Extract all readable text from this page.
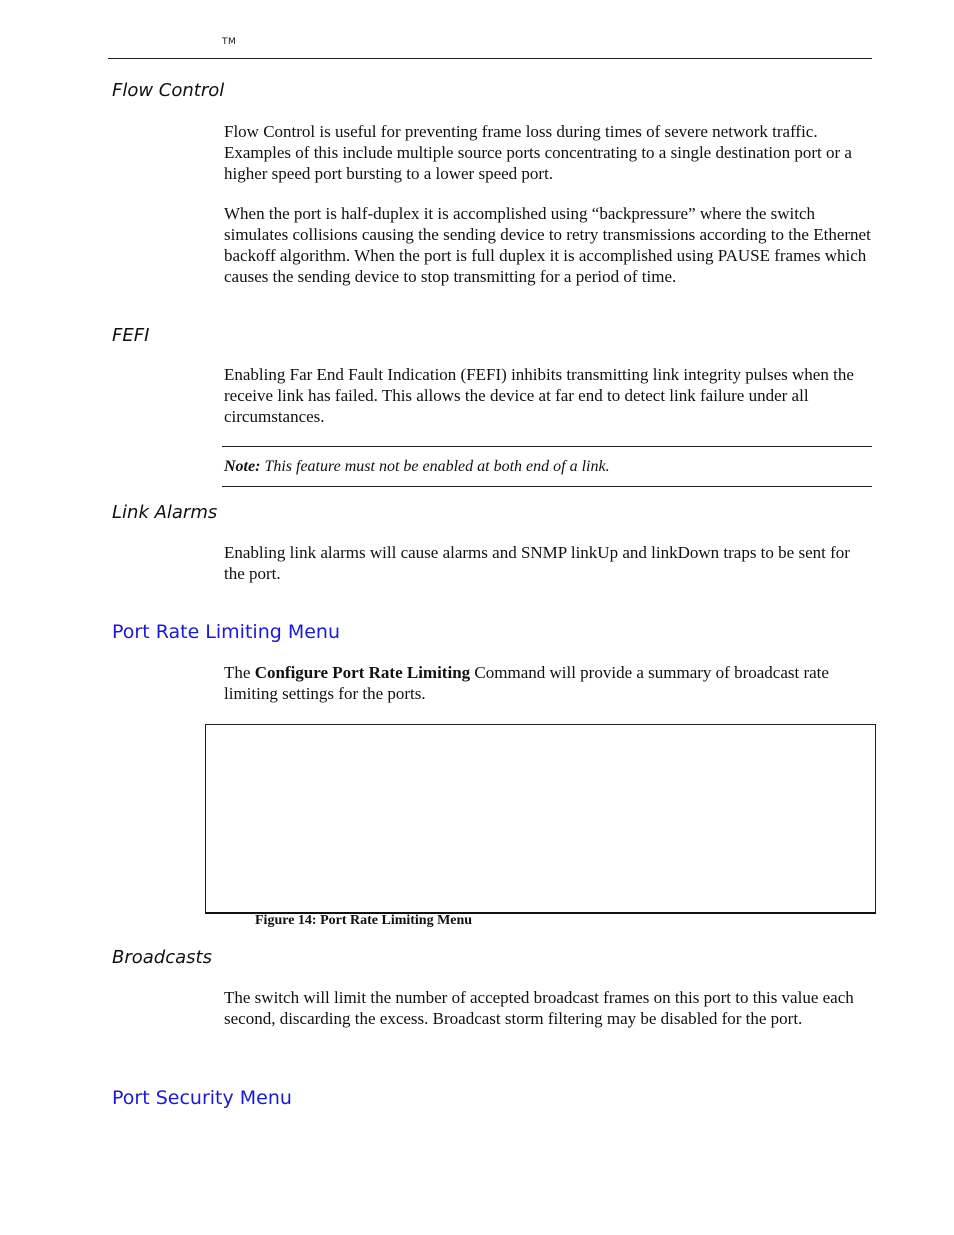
TM
Flow Control

Flow Control is useful for preventing frame loss during times of severe network traffic. Examples of this include multiple source ports concentrating to a single destination port or a higher speed port bursting to a lower speed port.

When the port is half-duplex it is accomplished using “backpressure” where the switch simulates collisions causing the sending device to retry transmissions according to the Ethernet backoff algorithm. When the port is full duplex it is accomplished using PAUSE frames which causes the sending device to stop transmitting for a period of time.

FEFI

Enabling Far End Fault Indication (FEFI) inhibits transmitting link integrity pulses when the receive link has failed. This allows the device at far end to detect link failure under all circumstances.

Note: This feature must not be enabled at both end of a link.
Link Alarms

Enabling link alarms will cause alarms and SNMP linkUp and linkDown traps to be sent for the port.

Port Rate Limiting Menu

The Configure Port Rate Limiting Command will provide a summary of broadcast rate limiting settings for the ports.

Figure 14: Port Rate Limiting Menu
Broadcasts

The switch will limit the number of accepted broadcast frames on this port to this value each second, discarding the excess. Broadcast storm filtering may be disabled for the port.

Port Security Menu
